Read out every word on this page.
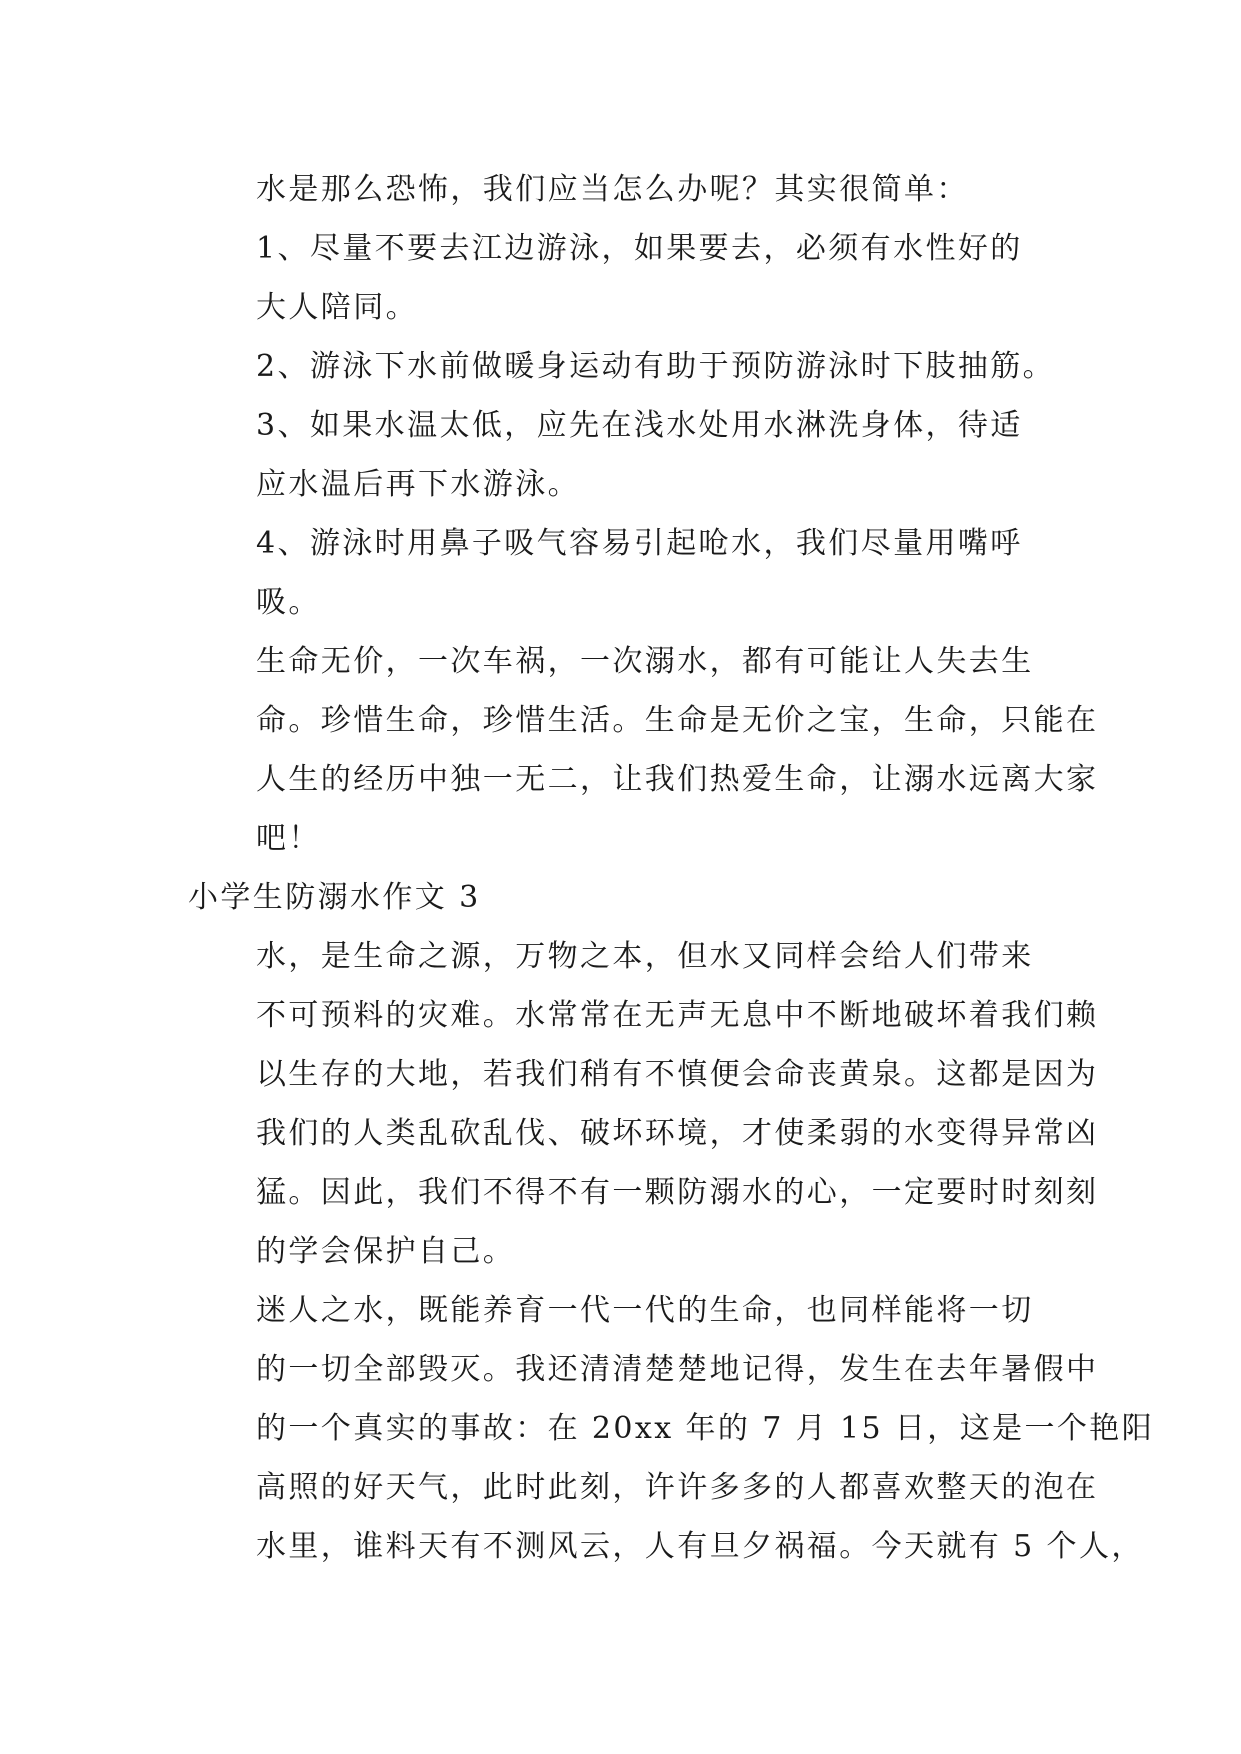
水是那么恐怖，我们应当怎么办呢？其实很简单：

1、尽量不要去江边游泳，如果要去，必须有水性好的
大人陪同。

2、游泳下水前做暖身运动有助于预防游泳时下肢抽筋。

3、如果水温太低，应先在浅水处用水淋洗身体，待适
应水温后再下水游泳。

4、游泳时用鼻子吸气容易引起呛水，我们尽量用嘴呼
吸。

生命无价，一次车祸，一次溺水，都有可能让人失去生
命。珍惜生命，珍惜生活。生命是无价之宝，生命，只能在
人生的经历中独一无二，让我们热爱生命，让溺水远离大家
吧！

小学生防溺水作文 3

水，是生命之源，万物之本，但水又同样会给人们带来
不可预料的灾难。水常常在无声无息中不断地破坏着我们赖
以生存的大地，若我们稍有不慎便会命丧黄泉。这都是因为
我们的人类乱砍乱伐、破坏环境，才使柔弱的水变得异常凶
猛。因此，我们不得不有一颗防溺水的心，一定要时时刻刻
的学会保护自己。

迷人之水，既能养育一代一代的生命，也同样能将一切
的一切全部毁灭。我还清清楚楚地记得，发生在去年暑假中
的一个真实的事故：在 20xx 年的 7 月 15 日，这是一个艳阳
高照的好天气，此时此刻，许许多多的人都喜欢整天的泡在
水里，谁料天有不测风云，人有旦夕祸福。今天就有 5 个人，
